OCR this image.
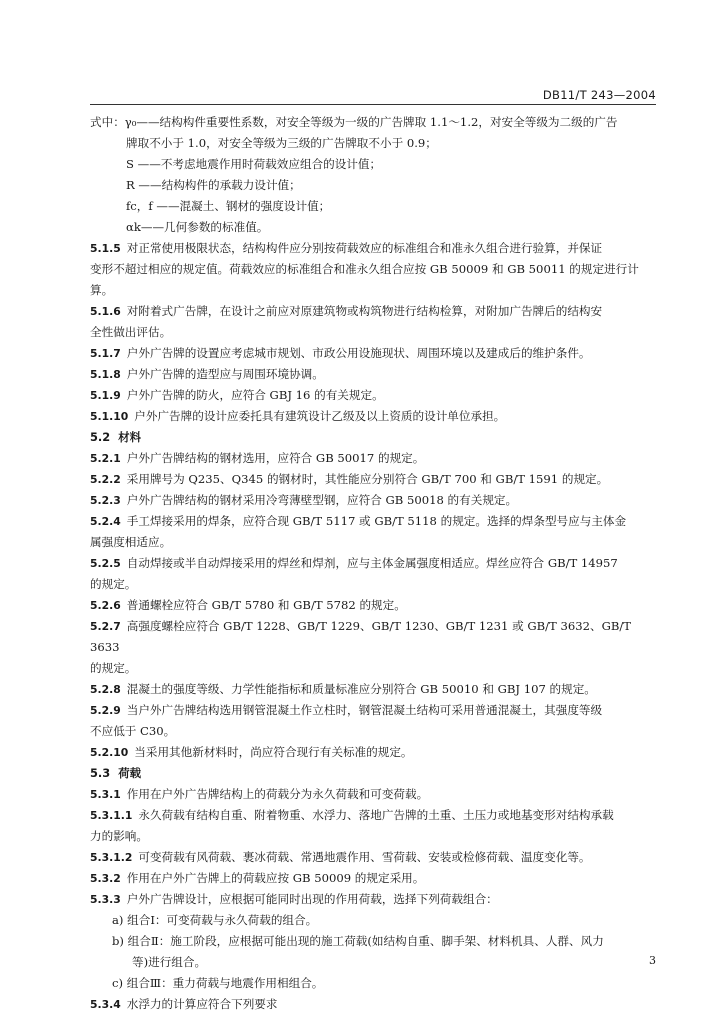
DB11/T 243—2004
式中： γ₀——结构构件重要性系数，对安全等级为一级的广告牌取 1.1～1.2，对安全等级为二级的广告
牌取不小于 1.0，对安全等级为三级的广告牌取不小于 0.9；
S ——不考虑地震作用时荷载效应组合的设计值；
R ——结构构件的承载力设计值；
fc，f ——混凝土、钢材的强度设计值；
αk——几何参数的标准值。
5.1.5 对正常使用极限状态，结构构件应分别按荷载效应的标准组合和准永久组合进行验算，并保证
变形不超过相应的规定值。荷载效应的标准组合和准永久组合应按 GB 50009 和 GB 50011 的规定进行计
算。
5.1.6 对附着式广告牌，在设计之前应对原建筑物或构筑物进行结构检算，对附加广告牌后的结构安
全性做出评估。
5.1.7 户外广告牌的设置应考虑城市规划、市政公用设施现状、周围环境以及建成后的维护条件。
5.1.8 户外广告牌的造型应与周围环境协调。
5.1.9 户外广告牌的防火，应符合 GBJ 16 的有关规定。
5.1.10 户外广告牌的设计应委托具有建筑设计乙级及以上资质的设计单位承担。
5.2 材料
5.2.1 户外广告牌结构的钢材选用，应符合 GB 50017 的规定。
5.2.2 采用牌号为 Q235、Q345 的钢材时，其性能应分别符合 GB/T 700 和 GB/T 1591 的规定。
5.2.3 户外广告牌结构的钢材采用冷弯薄壁型钢，应符合 GB 50018 的有关规定。
5.2.4 手工焊接采用的焊条，应符合现 GB/T 5117 或 GB/T 5118 的规定。选择的焊条型号应与主体金
属强度相适应。
5.2.5 自动焊接或半自动焊接采用的焊丝和焊剂，应与主体金属强度相适应。焊丝应符合 GB/T 14957
的规定。
5.2.6 普通螺栓应符合 GB/T 5780 和 GB/T 5782 的规定。
5.2.7 高强度螺栓应符合 GB/T 1228、GB/T 1229、GB/T 1230、GB/T 1231 或 GB/T 3632、GB/T 3633
的规定。
5.2.8 混凝土的强度等级、力学性能指标和质量标准应分别符合 GB 50010 和 GBJ 107 的规定。
5.2.9 当户外广告牌结构选用钢管混凝土作立柱时，钢管混凝土结构可采用普通混凝土，其强度等级
不应低于 C30。
5.2.10 当采用其他新材料时，尚应符合现行有关标准的规定。
5.3 荷载
5.3.1 作用在户外广告牌结构上的荷载分为永久荷载和可变荷载。
5.3.1.1 永久荷载有结构自重、附着物重、水浮力、落地广告牌的土重、土压力或地基变形对结构承载
力的影响。
5.3.1.2 可变荷载有风荷载、裹冰荷载、常遇地震作用、雪荷载、安装或检修荷载、温度变化等。
5.3.2 作用在户外广告牌上的荷载应按 GB 50009 的规定采用。
5.3.3 户外广告牌设计，应根据可能同时出现的作用荷载，选择下列荷载组合：
a) 组合Ⅰ：可变荷载与永久荷载的组合。
b) 组合Ⅱ：施工阶段，应根据可能出现的施工荷载(如结构自重、脚手架、材料机具、人群、风力
等)进行组合。
c) 组合Ⅲ：重力荷载与地震作用相组合。
5.3.4 水浮力的计算应符合下列要求
3
